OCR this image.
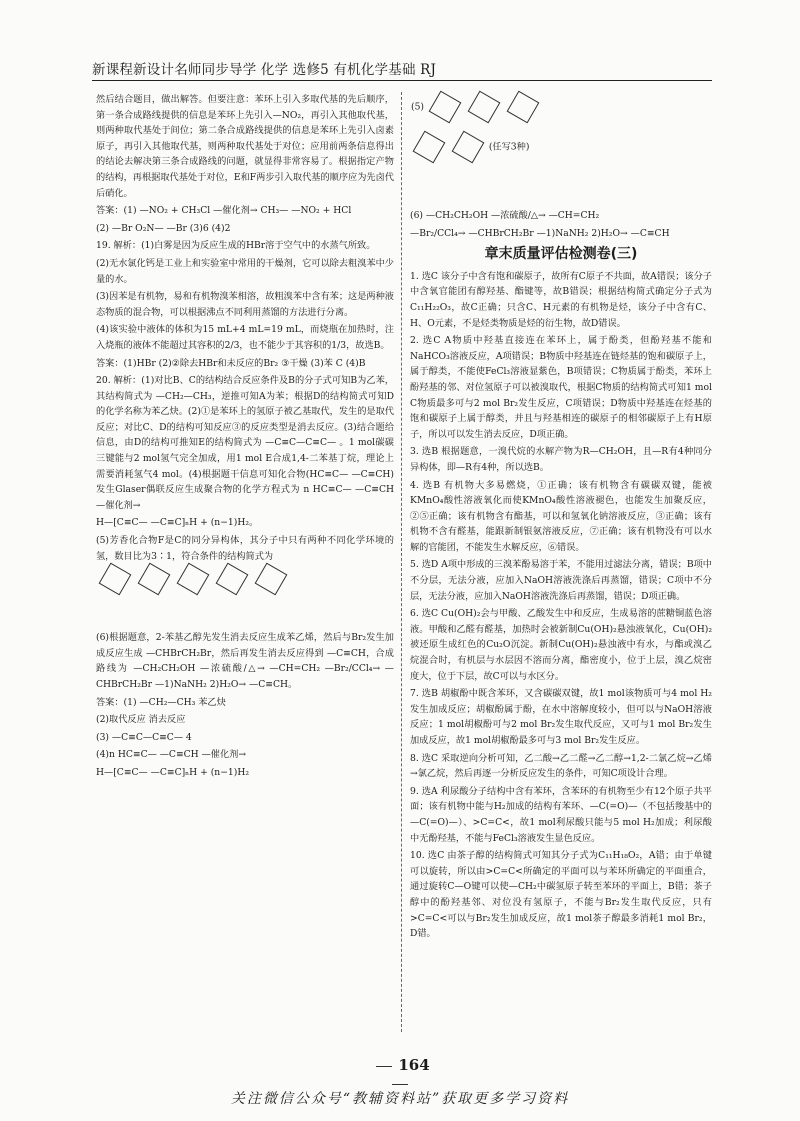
新课程新设计名师同步导学 化学 选修5 有机化学基础 RJ

然后结合题目，做出解答。但要注意：苯环上引入多取代基的先后顺序，第一条合成路线提供的信息是苯环上先引入—NO₂，再引入其他取代基，则两种取代基处于间位；第二条合成路线提供的信息是苯环上先引入卤素原子，再引入其他取代基，则两种取代基处于对位；应用前两条信息得出的结论去解决第三条合成路线的问题，就显得非常容易了。根据指定产物的结构，再根据取代基处于对位，E和F两步引入取代基的顺序应为先卤代后硝化。

答案：(1) —NO₂ + CH₃Cl —催化剂→ CH₃— —NO₂ + HCl

(2) —Br O₂N— —Br (3)6 (4)2

19. 解析：(1)白雾是因为反应生成的HBr溶于空气中的水蒸气所致。

(2)无水氯化钙是工业上和实验室中常用的干燥剂，它可以除去粗溴苯中少量的水。

(3)因苯是有机物，易和有机物溴苯相溶，故粗溴苯中含有苯；这是两种液态物质的混合物，可以根据沸点不同利用蒸馏的方法进行分离。

(4)该实验中液体的体积为15 mL+4 mL=19 mL，而烧瓶在加热时，注入烧瓶的液体不能超过其容积的2/3，也不能少于其容积的1/3，故选B。

答案：(1)HBr (2)②除去HBr和未反应的Br₂ ③干燥 (3)苯 C (4)B

20. 解析：(1)对比B、C的结构结合反应条件及B的分子式可知B为乙苯，其结构简式为 —CH₂—CH₃，逆推可知A为苯；根据D的结构简式可知D的化学名称为苯乙炔。(2)①是苯环上的氢原子被乙基取代，发生的是取代反应；对比C、D的结构可知反应③的反应类型是消去反应。(3)结合题给信息，由D的结构可推知E的结构简式为 —C≡C—C≡C— 。1 mol碳碳三键能与2 mol氢气完全加成，用1 mol E合成1,4-二苯基丁烷，理论上需要消耗氢气4 mol。(4)根据题干信息可知化合物(HC≡C— —C≡CH)发生Glaser偶联反应生成聚合物的化学方程式为 n HC≡C— —C≡CH —催化剂→

H—[C≡C— —C≡C]ₙH + (n−1)H₂。

(5)芳香化合物F是C的同分异构体，其分子中只有两种不同化学环境的氢，数目比为3∶1，符合条件的结构简式为

(6)根据题意，2-苯基乙醇先发生消去反应生成苯乙烯，然后与Br₂发生加成反应生成 —CHBrCH₂Br，然后再发生消去反应得到 —C≡CH，合成路线为 —CH₂CH₂OH —浓硫酸/△→ —CH=CH₂ —Br₂/CCl₄→ —CHBrCH₂Br —1)NaNH₂ 2)H₂O→ —C≡CH。

答案：(1) —CH₂—CH₃ 苯乙炔

(2)取代反应 消去反应

(3) —C≡C—C≡C— 4

(4)n HC≡C— —C≡CH —催化剂→

H—[C≡C— —C≡C]ₙH + (n−1)H₂

(5)

(任写3种)

(6) —CH₂CH₂OH —浓硫酸/△→ —CH=CH₂

—Br₂/CCl₄→ —CHBrCH₂Br —1)NaNH₂ 2)H₂O→ —C≡CH

章末质量评估检测卷(三)

1. 选C 该分子中含有饱和碳原子，故所有C原子不共面，故A错误；该分子中含氧官能团有醇羟基、酯键等，故B错误；根据结构简式确定分子式为C₁₁H₂₂O₃，故C正确；只含C、H元素的有机物是烃，该分子中含有C、H、O元素，不是烃类物质是烃的衍生物，故D错误。

2. 选C A物质中羟基直接连在苯环上，属于酚类，但酚羟基不能和NaHCO₃溶液反应，A项错误；B物质中羟基连在链烃基的饱和碳原子上，属于醇类，不能使FeCl₃溶液显紫色，B项错误；C物质属于酚类，苯环上酚羟基的邻、对位氢原子可以被溴取代，根据C物质的结构简式可知1 mol C物质最多可与2 mol Br₂发生反应，C项错误；D物质中羟基连在烃基的饱和碳原子上属于醇类，并且与羟基相连的碳原子的相邻碳原子上有H原子，所以可以发生消去反应，D项正确。

3. 选B 根据题意，一溴代烷的水解产物为R—CH₂OH，且—R有4种同分异构体，即—R有4种，所以选B。

4. 选B 有机物大多易燃烧，①正确；该有机物含有碳碳双键，能被KMnO₄酸性溶液氧化而使KMnO₄酸性溶液褪色，也能发生加聚反应，②⑤正确；该有机物含有酯基，可以和氢氧化钠溶液反应，③正确；该有机物不含有醛基，能跟新制银氨溶液反应，⑦正确；该有机物没有可以水解的官能团，不能发生水解反应，⑥错误。

5. 选D A项中形成的三溴苯酚易溶于苯，不能用过滤法分离，错误；B项中不分层，无法分液，应加入NaOH溶液洗涤后再蒸馏，错误；C项中不分层，无法分液，应加入NaOH溶液洗涤后再蒸馏，错误；D项正确。

6. 选C Cu(OH)₂会与甲酸、乙酸发生中和反应，生成易溶的蔗糖铜蓝色溶液。甲酸和乙醛有醛基，加热时会被新制Cu(OH)₂悬浊液氧化，Cu(OH)₂被还原生成红色的Cu₂O沉淀。新制Cu(OH)₂悬浊液中有水，与酯或溴乙烷混合时，有机层与水层因不溶而分离，酯密度小，位于上层，溴乙烷密度大，位于下层，故C可以与水区分。

7. 选B 胡椒酚中既含苯环，又含碳碳双键，故1 mol该物质可与4 mol H₂发生加成反应；胡椒酚属于酚，在水中溶解度较小，但可以与NaOH溶液反应；1 mol胡椒酚可与2 mol Br₂发生取代反应，又可与1 mol Br₂发生加成反应，故1 mol胡椒酚最多可与3 mol Br₂发生反应。

8. 选C 采取逆向分析可知，乙二酸→乙二醛→乙二醇→1,2-二氯乙烷→乙烯→氯乙烷，然后再逐一分析反应发生的条件，可知C项设计合理。

9. 选A 利尿酸分子结构中含有苯环，含苯环的有机物至少有12个原子共平面；该有机物中能与H₂加成的结构有苯环、—C(=O)—（不包括羧基中的—C(=O)—）、>C=C<，故1 mol利尿酸只能与5 mol H₂加成；利尿酸中无酚羟基，不能与FeCl₃溶液发生显色反应。

10. 选C 由茶子醇的结构简式可知其分子式为C₁₁H₁₈O₂，A错；由于单键可以旋转，所以由>C=C<所确定的平面可以与苯环所确定的平面重合，通过旋转C—O键可以使—CH₂中碳氢原子转至苯环的平面上，B错；茶子醇中的酚羟基邻、对位没有氢原子，不能与Br₂发生取代反应，只有>C=C<可以与Br₂发生加成反应，故1 mol茶子醇最多消耗1 mol Br₂，D错。

164
关注微信公众号“教辅资料站”获取更多学习资料
